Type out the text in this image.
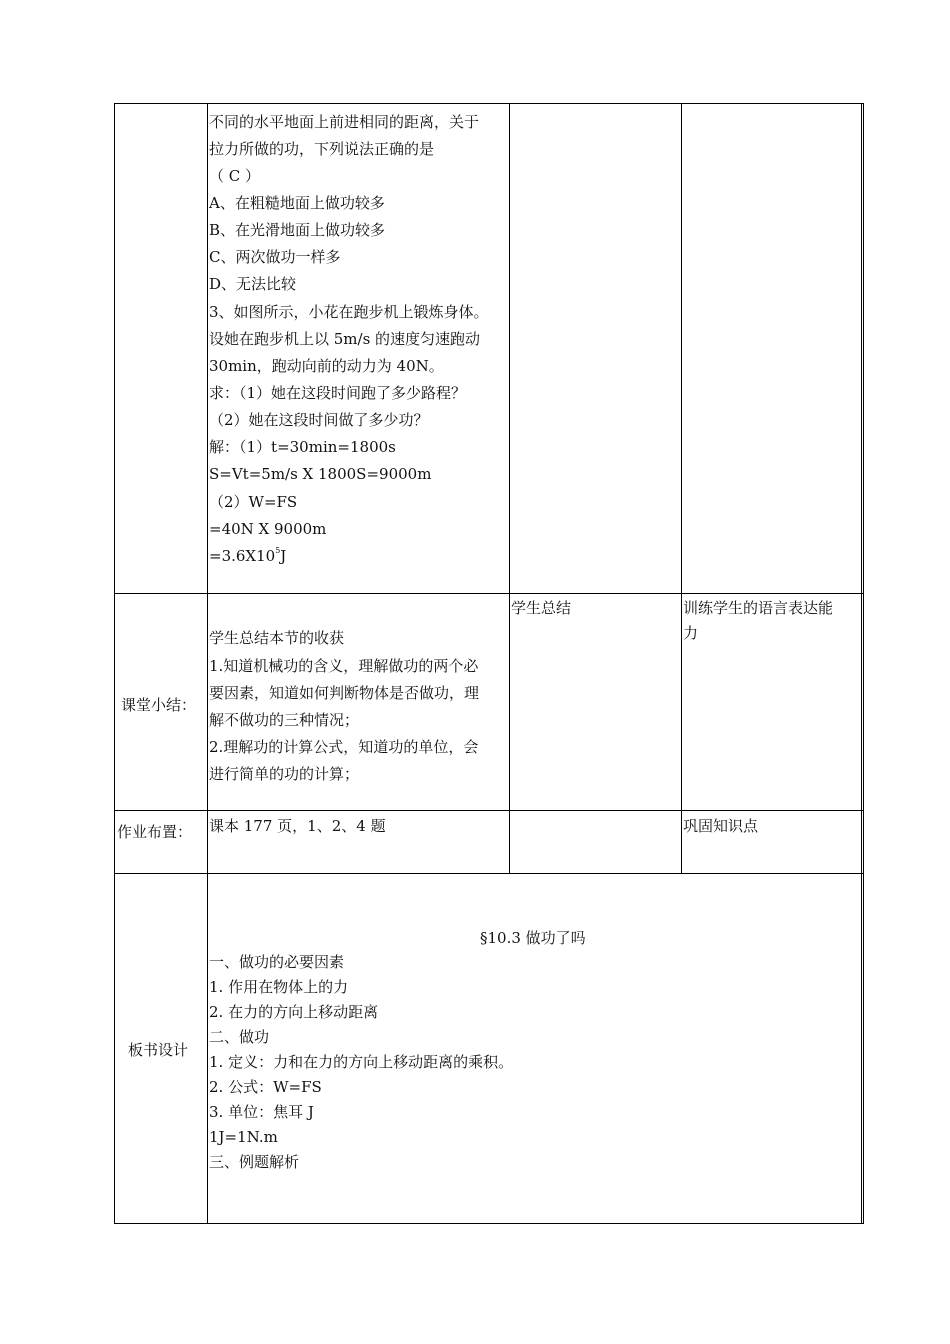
不同的水平地面上前进相同的距离，关于
拉力所做的功，下列说法正确的是
（ C ）
A、在粗糙地面上做功较多
B、在光滑地面上做功较多
C、两次做功一样多
D、无法比较
3、如图所示，小花在跑步机上锻炼身体。
设她在跑步机上以 5m/s 的速度匀速跑动
30min，跑动向前的动力为 40N。
求：（1）她在这段时间跑了多少路程？
（2）她在这段时间做了多少功？
解：（1）t=30min=1800s
S=Vt=5m/s X 1800S=9000m
（2）W=FS
=40N X 9000m
$=3.6X10^5J$
课堂小结：
学生总结本节的收获
1.知道机械功的含义，理解做功的两个必
要因素，知道如何判断物体是否做功，理
解不做功的三种情况；
2.理解功的计算公式，知道功的单位，会
进行简单的功的计算；
学生总结	训练学生的语言表达能
力
作业布置： 课本 177 页，1、2、4 题	巩固知识点
板书设计
§10.3 做功了吗
一、做功的必要因素
1. 作用在物体上的力
2. 在力的方向上移动距离
二、做功
1. 定义：力和在力的方向上移动距离的乘积。
2. 公式：W=FS
3. 单位：焦耳 J
1J=1N.m
三、例题解析
